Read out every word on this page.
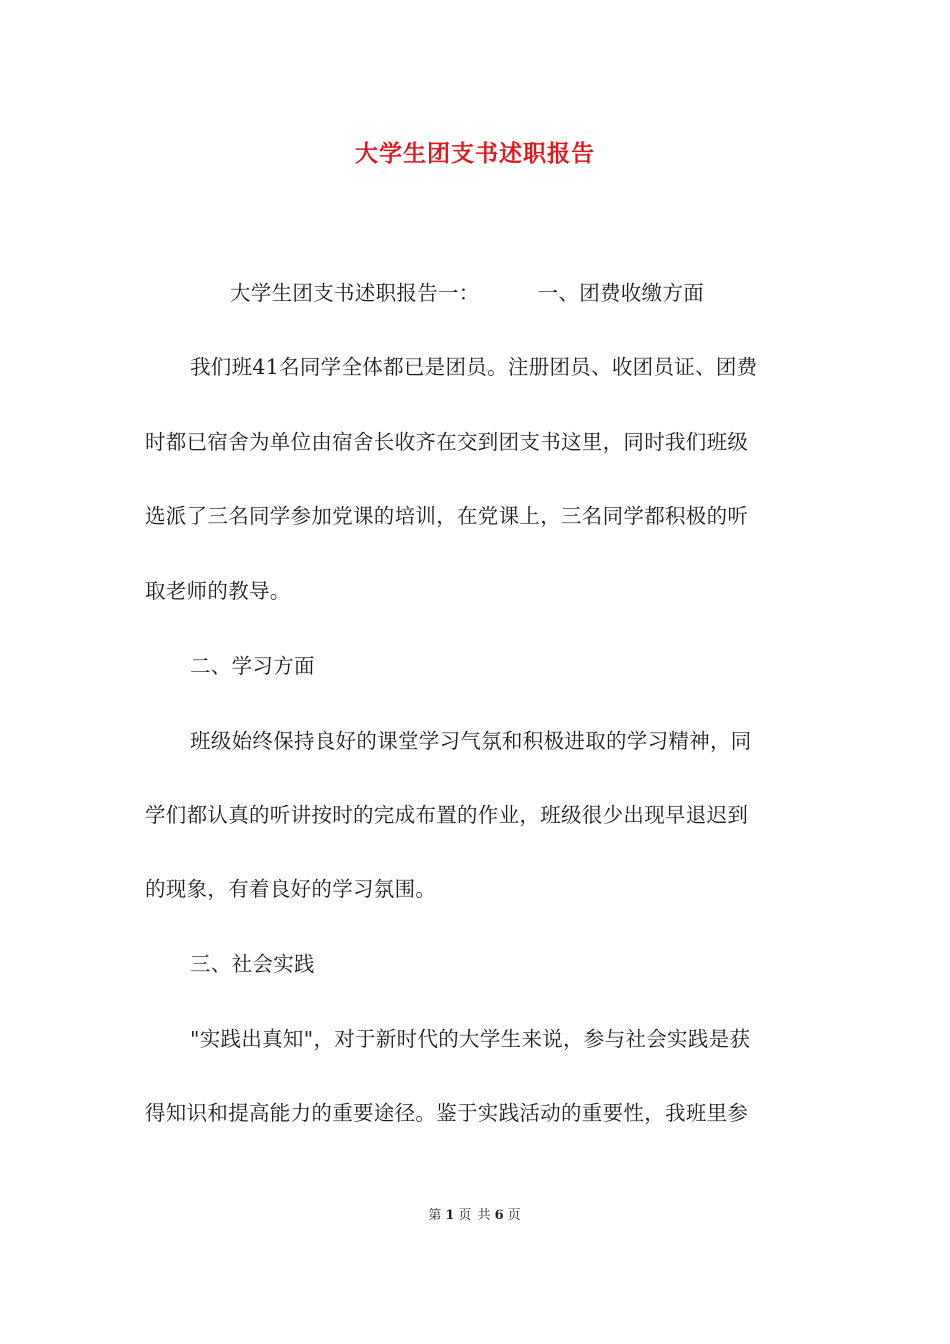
大学生团支书述职报告
大学生团支书述职报告一：	一、团费收缴方面
我们班41名同学全体都已是团员。注册团员、收团员证、团费
时都已宿舍为单位由宿舍长收齐在交到团支书这里，同时我们班级
选派了三名同学参加党课的培训，在党课上，三名同学都积极的听
取老师的教导。
二、学习方面
班级始终保持良好的课堂学习气氛和积极进取的学习精神，同
学们都认真的听讲按时的完成布置的作业，班级很少出现早退迟到
的现象，有着良好的学习氛围。
三、社会实践
"实践出真知"，对于新时代的大学生来说，参与社会实践是获
得知识和提高能力的重要途径。鉴于实践活动的重要性，我班里参
第 1 页 共 6 页
